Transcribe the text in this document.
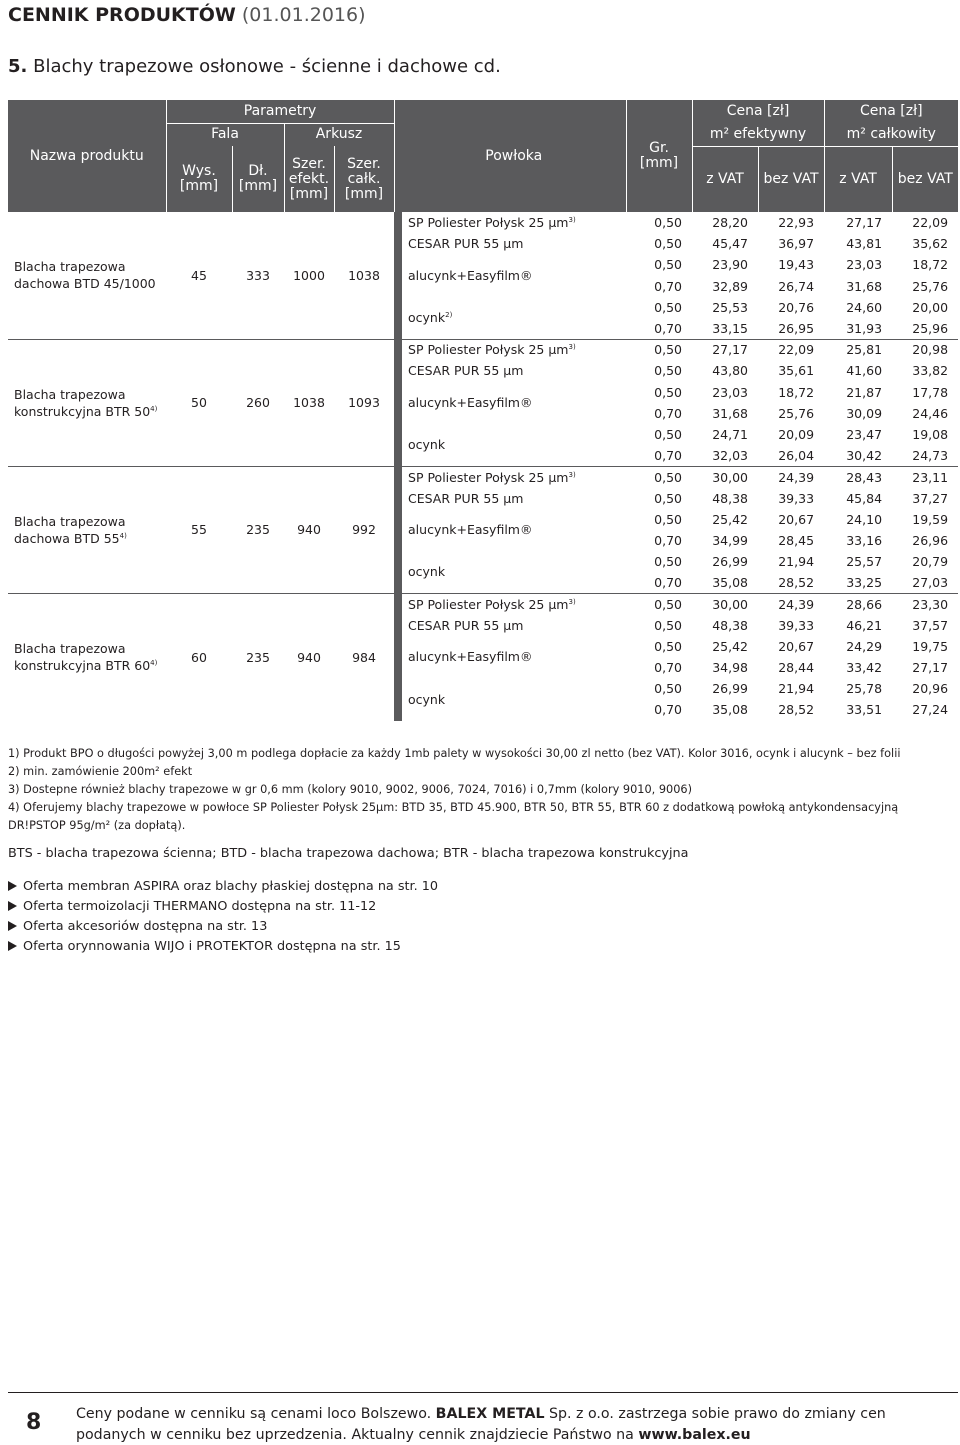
CENNIK PRODUKTÓW (01.01.2016)
5. Blachy trapezowe osłonowe - ścienne i dachowe cd.
Nazwa produktu	Parametry					Powłoka	Gr. [mm]	Cena [zł]		Cena [zł]	
	Fala		Arkusz					m² efektywny		m² całkowity	
	Wys. [mm]	Dł. [mm]	Szer. efekt. [mm]	Szer. całk. [mm]				z VAT	bez VAT	z VAT	bez VAT
Blacha trapezowa dachowa BTD 45/1000	45	333	1000	1038		SP Poliester Połysk 25 µm$^{3)}$	0,50	28,20	22,93	27,17	22,09
						CESAR PUR 55 µm	0,50	45,47	36,97	43,81	35,62
						alucynk+Easyfilm®	0,50	23,90	19,43	23,03	18,72
							0,70	32,89	26,74	31,68	25,76
						ocynk$^{2)}$	0,50	25,53	20,76	24,60	20,00
							0,70	33,15	26,95	31,93	25,96
Blacha trapezowa konstrukcyjna BTR 50$^{4)}$	50	260	1038	1093		SP Poliester Połysk 25 µm$^{3)}$	0,50	27,17	22,09	25,81	20,98
						CESAR PUR 55 µm	0,50	43,80	35,61	41,60	33,82
						alucynk+Easyfilm®	0,50	23,03	18,72	21,87	17,78
							0,70	31,68	25,76	30,09	24,46
						ocynk	0,50	24,71	20,09	23,47	19,08
							0,70	32,03	26,04	30,42	24,73
Blacha trapezowa dachowa BTD 55$^{4)}$	55	235	940	992		SP Poliester Połysk 25 µm$^{3)}$	0,50	30,00	24,39	28,43	23,11
						CESAR PUR 55 µm	0,50	48,38	39,33	45,84	37,27
						alucynk+Easyfilm®	0,50	25,42	20,67	24,10	19,59
							0,70	34,99	28,45	33,16	26,96
						ocynk	0,50	26,99	21,94	25,57	20,79
							0,70	35,08	28,52	33,25	27,03
Blacha trapezowa konstrukcyjna BTR 60$^{4)}$	60	235	940	984		SP Poliester Połysk 25 µm$^{3)}$	0,50	30,00	24,39	28,66	23,30
						CESAR PUR 55 µm	0,50	48,38	39,33	46,21	37,57
						alucynk+Easyfilm®	0,50	25,42	20,67	24,29	19,75
							0,70	34,98	28,44	33,42	27,17
						ocynk	0,50	26,99	21,94	25,78	20,96
							0,70	35,08	28,52	33,51	27,24

1) Produkt BPO o długości powyżej 3,00 m podlega dopłacie za każdy 1mb palety w wysokości 30,00 zl netto (bez VAT). Kolor 3016, ocynk i alucynk – bez folii

2) min. zamówienie 200m² efekt

3) Dostepne również blachy trapezowe w gr 0,6 mm (kolory 9010, 9002, 9006, 7024, 7016) i 0,7mm (kolory 9010, 9006)

4) Oferujemy blachy trapezowe w powłoce SP Poliester Połysk 25µm: BTD 35, BTD 45.900, BTR 50, BTR 55, BTR 60 z dodatkową powłoką antykondensacyjną

DR!PSTOP 95g/m² (za dopłatą).

BTS - blacha trapezowa ścienna; BTD - blacha trapezowa dachowa; BTR - blacha trapezowa konstrukcyjna

Oferta membran ASPIRA oraz blachy płaskiej dostępna na str. 10

Oferta termoizolacji THERMANO dostępna na str. 11-12

Oferta akcesoriów dostępna na str. 13

Oferta orynnowania WIJO i PROTEKTOR dostępna na str. 15

8 Ceny podane w cenniku są cenami loco Bolszewo. BALEX METAL Sp. z o.o. zastrzega sobie prawo do zmiany cen

podanych w cenniku bez uprzedzenia. Aktualny cennik znajdziecie Państwo na www.balex.eu
